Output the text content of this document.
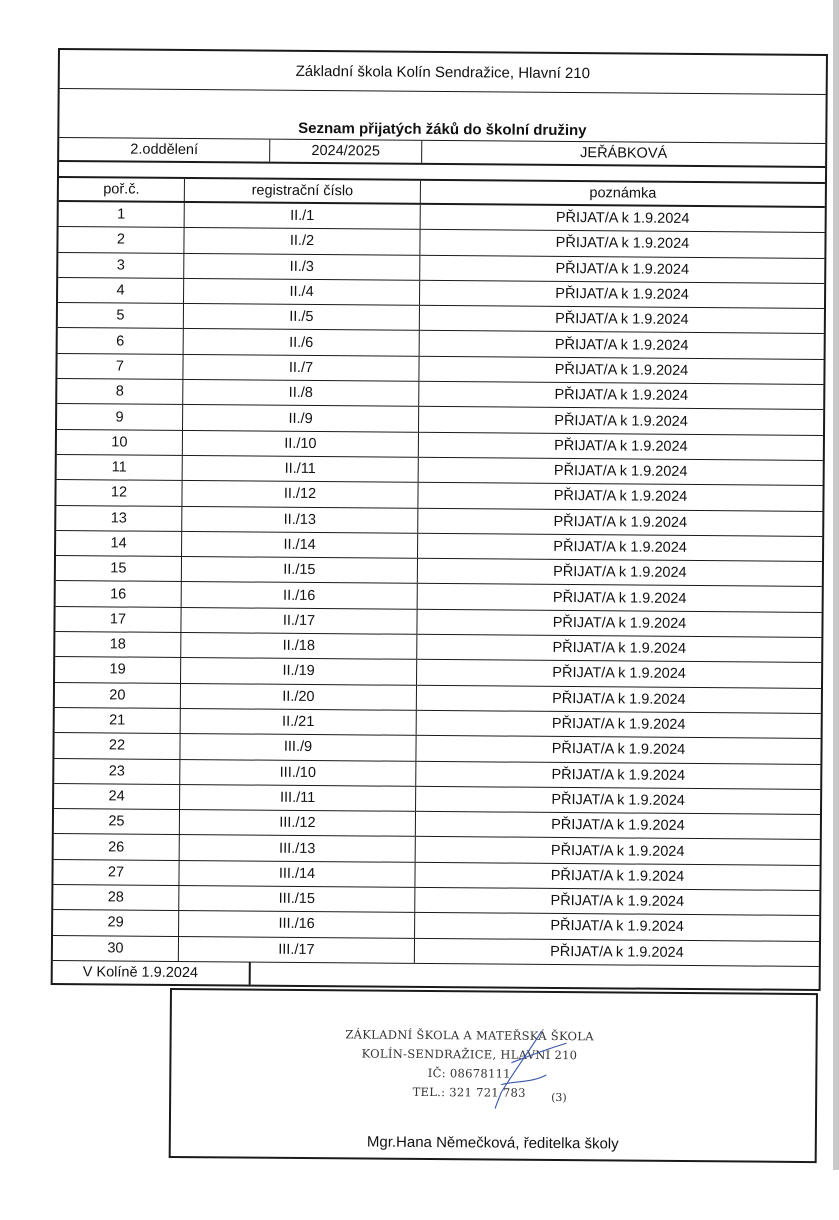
Základní škola Kolín Sendražice, Hlavní 210
Seznam přijatých žáků do školní družiny
2.oddělení	2024/2025	JEŘÁBKOVÁ
poř.č.	registrační číslo	poznámka
1	II./1	PŘIJAT/A k 1.9.2024
2	II./2	PŘIJAT/A k 1.9.2024
3	II./3	PŘIJAT/A k 1.9.2024
4	II./4	PŘIJAT/A k 1.9.2024
5	II./5	PŘIJAT/A k 1.9.2024
6	II./6	PŘIJAT/A k 1.9.2024
7	II./7	PŘIJAT/A k 1.9.2024
8	II./8	PŘIJAT/A k 1.9.2024
9	II./9	PŘIJAT/A k 1.9.2024
10	II./10	PŘIJAT/A k 1.9.2024
11	II./11	PŘIJAT/A k 1.9.2024
12	II./12	PŘIJAT/A k 1.9.2024
13	II./13	PŘIJAT/A k 1.9.2024
14	II./14	PŘIJAT/A k 1.9.2024
15	II./15	PŘIJAT/A k 1.9.2024
16	II./16	PŘIJAT/A k 1.9.2024
17	II./17	PŘIJAT/A k 1.9.2024
18	II./18	PŘIJAT/A k 1.9.2024
19	II./19	PŘIJAT/A k 1.9.2024
20	II./20	PŘIJAT/A k 1.9.2024
21	II./21	PŘIJAT/A k 1.9.2024
22	III./9	PŘIJAT/A k 1.9.2024
23	III./10	PŘIJAT/A k 1.9.2024
24	III./11	PŘIJAT/A k 1.9.2024
25	III./12	PŘIJAT/A k 1.9.2024
26	III./13	PŘIJAT/A k 1.9.2024
27	III./14	PŘIJAT/A k 1.9.2024
28	III./15	PŘIJAT/A k 1.9.2024
29	III./16	PŘIJAT/A k 1.9.2024
30	III./17	PŘIJAT/A k 1.9.2024
V Kolíně 1.9.2024
ZÁKLADNÍ ŠKOLA A MATEŘSKÁ ŠKOLA
KOLÍN-SENDRAŽICE, HLAVNÍ 210
IČ: 08678111
TEL.: 321 721 783	(3)
Mgr.Hana Němečková, ředitelka školy
